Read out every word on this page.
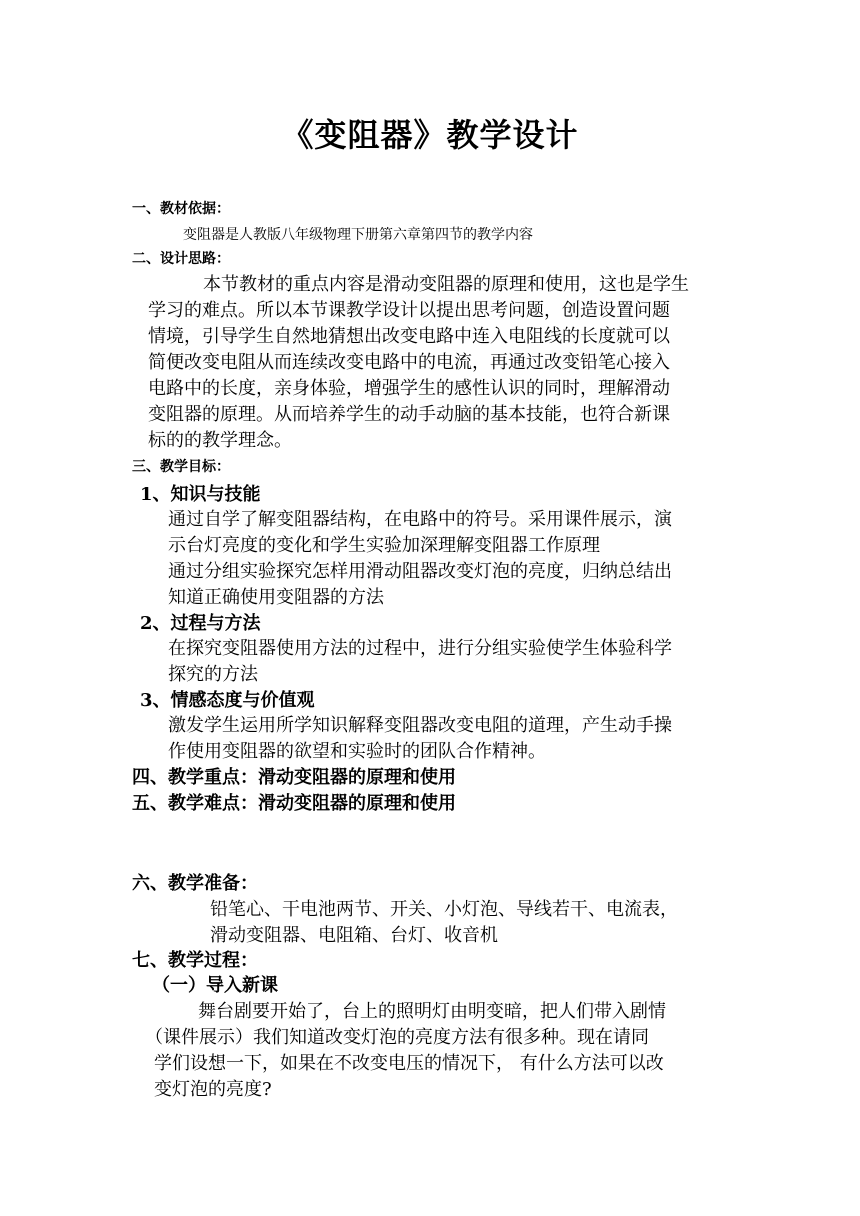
《变阻器》教学设计
一、教材依据：
变阻器是人教版八年级物理下册第六章第四节的教学内容
二、设计思路：
本节教材的重点内容是滑动变阻器的原理和使用，这也是学生
学习的难点。所以本节课教学设计以提出思考问题，创造设置问题
情境，引导学生自然地猜想出改变电路中连入电阻线的长度就可以
简便改变电阻从而连续改变电路中的电流，再通过改变铅笔心接入
电路中的长度，亲身体验，增强学生的感性认识的同时，理解滑动
变阻器的原理。从而培养学生的动手动脑的基本技能，也符合新课
标的的教学理念。
三、教学目标：
1、知识与技能
通过自学了解变阻器结构，在电路中的符号。采用课件展示，演
示台灯亮度的变化和学生实验加深理解变阻器工作原理
通过分组实验探究怎样用滑动阻器改变灯泡的亮度，归纳总结出
知道正确使用变阻器的方法
2、过程与方法
在探究变阻器使用方法的过程中，进行分组实验使学生体验科学
探究的方法
3、情感态度与价值观
激发学生运用所学知识解释变阻器改变电阻的道理，产生动手操
作使用变阻器的欲望和实验时的团队合作精神。
四、教学重点：滑动变阻器的原理和使用
五、教学难点：滑动变阻器的原理和使用
六、教学准备：
铅笔心、干电池两节、开关、小灯泡、导线若干、电流表，
滑动变阻器、电阻箱、台灯、收音机
七、教学过程：
（一）导入新课
舞台剧要开始了，台上的照明灯由明变暗，把人们带入剧情
（课件展示）我们知道改变灯泡的亮度方法有很多种。现在请同
学们设想一下，如果在不改变电压的情况下， 有什么方法可以改
变灯泡的亮度?
